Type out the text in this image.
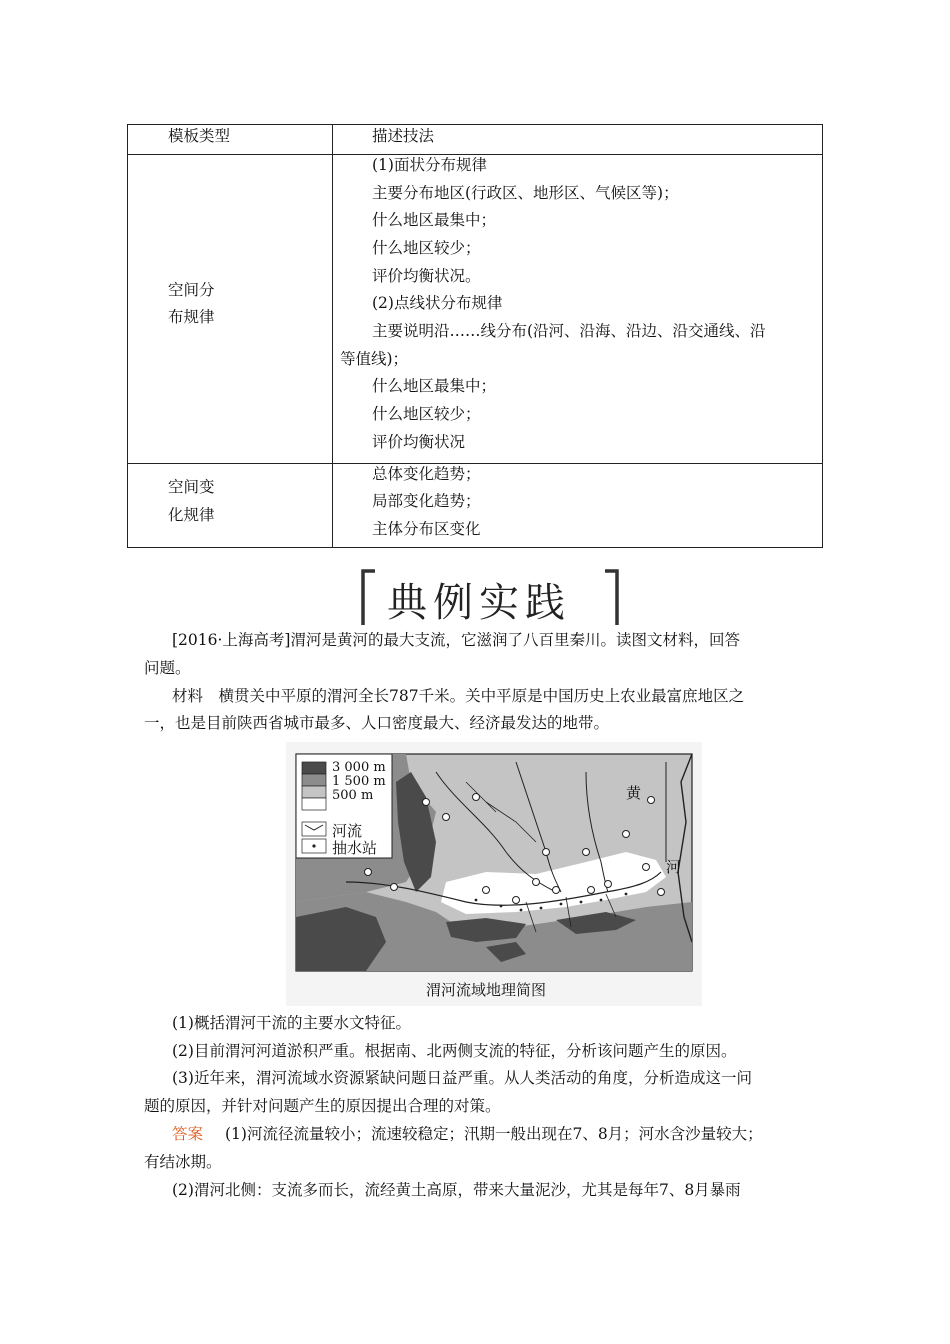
模板类型	描述技法
空间分
布规律
(1)面状分布规律
主要分布地区(行政区、地形区、气候区等)；
什么地区最集中；
什么地区较少；
评价均衡状况。
(2)点线状分布规律
主要说明沿……线分布(沿河、沿海、沿边、沿交通线、沿
等值线)；
什么地区最集中；
什么地区较少；
评价均衡状况
空间变
化规律
总体变化趋势；
局部变化趋势；
主体分布区变化
典例实践
[2016·上海高考]渭河是黄河的最大支流，它滋润了八百里秦川。读图文材料，回答
问题。
材料　横贯关中平原的渭河全长787千米。关中平原是中国历史上农业最富庶地区之
一，也是目前陕西省城市最多、人口密度最大、经济最发达的地带。
3 000 m
1 500 m
500 m
河流
抽水站
黄
河
渭河流域地理简图
(1)概括渭河干流的主要水文特征。
(2)目前渭河河道淤积严重。根据南、北两侧支流的特征，分析该问题产生的原因。
(3)近年来，渭河流域水资源紧缺问题日益严重。从人类活动的角度，分析造成这一问
题的原因，并针对问题产生的原因提出合理的对策。
答案 (1)河流径流量较小；流速较稳定；汛期一般出现在7、8月；河水含沙量较大；
有结冰期。
(2)渭河北侧：支流多而长，流经黄土高原，带来大量泥沙，尤其是每年7、8月暴雨
